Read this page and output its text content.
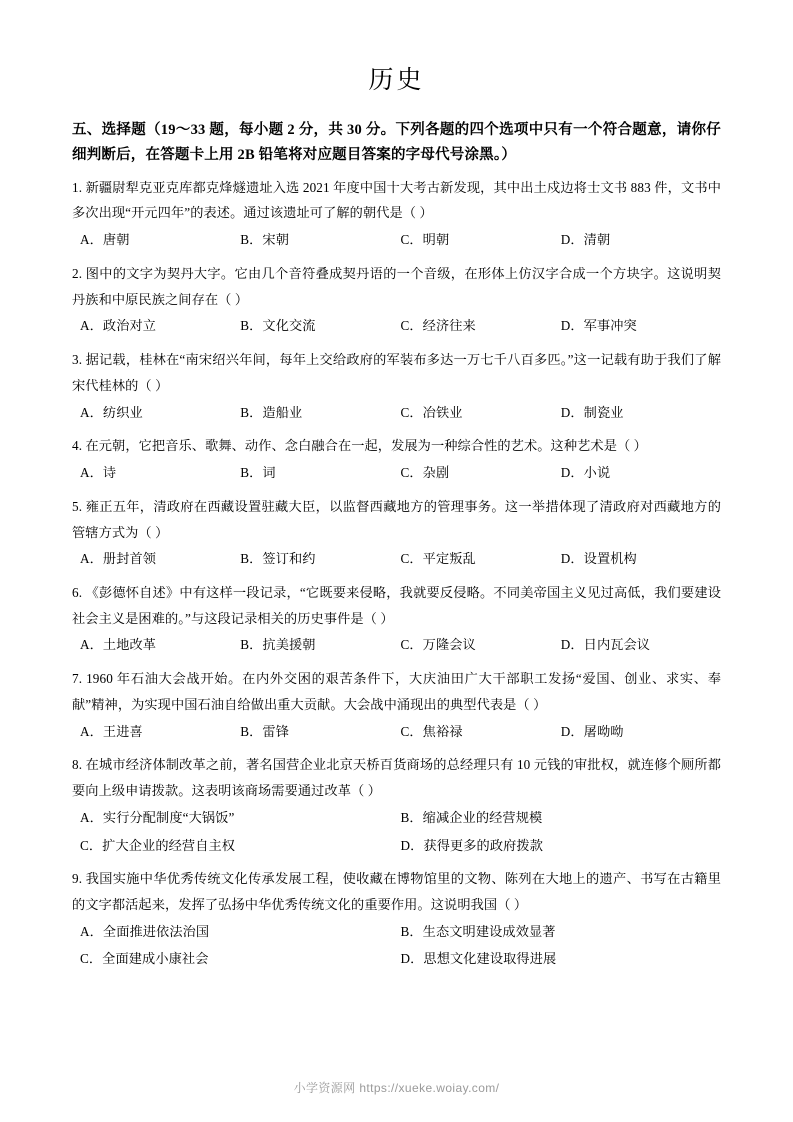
历史

五、选择题（19～33 题，每小题 2 分，共 30 分。下列各题的四个选项中只有一个符合题意，请你仔细判断后，在答题卡上用 2B 铅笔将对应题目答案的字母代号涂黑。）

1. 新疆尉犁克亚克库都克烽燧遗址入选 2021 年度中国十大考古新发现，其中出土戍边将士文书 883 件，文书中多次出现“开元四年”的表述。通过该遗址可了解的朝代是（ ）

A．唐朝	B．宋朝	C．明朝	D．清朝

2. 图中的文字为契丹大字。它由几个音符叠成契丹语的一个音级，在形体上仿汉字合成一个方块字。这说明契丹族和中原民族之间存在（ ）

A．政治对立	B．文化交流	C．经济往来	D．军事冲突

3. 据记载，桂林在“南宋绍兴年间，每年上交给政府的军装布多达一万七千八百多匹。”这一记载有助于我们了解宋代桂林的（ ）

A．纺织业	B．造船业	C．冶铁业	D．制瓷业

4. 在元朝，它把音乐、歌舞、动作、念白融合在一起，发展为一种综合性的艺术。这种艺术是（ ）

A．诗	B．词	C．杂剧	D．小说

5. 雍正五年，清政府在西藏设置驻藏大臣，以监督西藏地方的管理事务。这一举措体现了清政府对西藏地方的管辖方式为（ ）

A．册封首领	B．签订和约	C．平定叛乱	D．设置机构

6. 《彭德怀自述》中有这样一段记录，“它既要来侵略，我就要反侵略。不同美帝国主义见过高低，我们要建设社会主义是困难的。”与这段记录相关的历史事件是（ ）

A．土地改革	B．抗美援朝	C．万隆会议	D．日内瓦会议

7. 1960 年石油大会战开始。在内外交困的艰苦条件下，大庆油田广大干部职工发扬“爱国、创业、求实、奉献”精神，为实现中国石油自给做出重大贡献。大会战中涌现出的典型代表是（ ）

A．王进喜	B．雷锋	C．焦裕禄	D．屠呦呦

8. 在城市经济体制改革之前，著名国营企业北京天桥百货商场的总经理只有 10 元钱的审批权，就连修个厕所都要向上级申请拨款。这表明该商场需要通过改革（ ）

A．实行分配制度“大锅饭”	B．缩减企业的经营规模
C．扩大企业的经营自主权	D．获得更多的政府拨款

9. 我国实施中华优秀传统文化传承发展工程，使收藏在博物馆里的文物、陈列在大地上的遗产、书写在古籍里的文字都活起来，发挥了弘扬中华优秀传统文化的重要作用。这说明我国（ ）

A．全面推进依法治国	B．生态文明建设成效显著
C．全面建成小康社会	D．思想文化建设取得进展
小学资源网 https://xueke.woiay.com/
